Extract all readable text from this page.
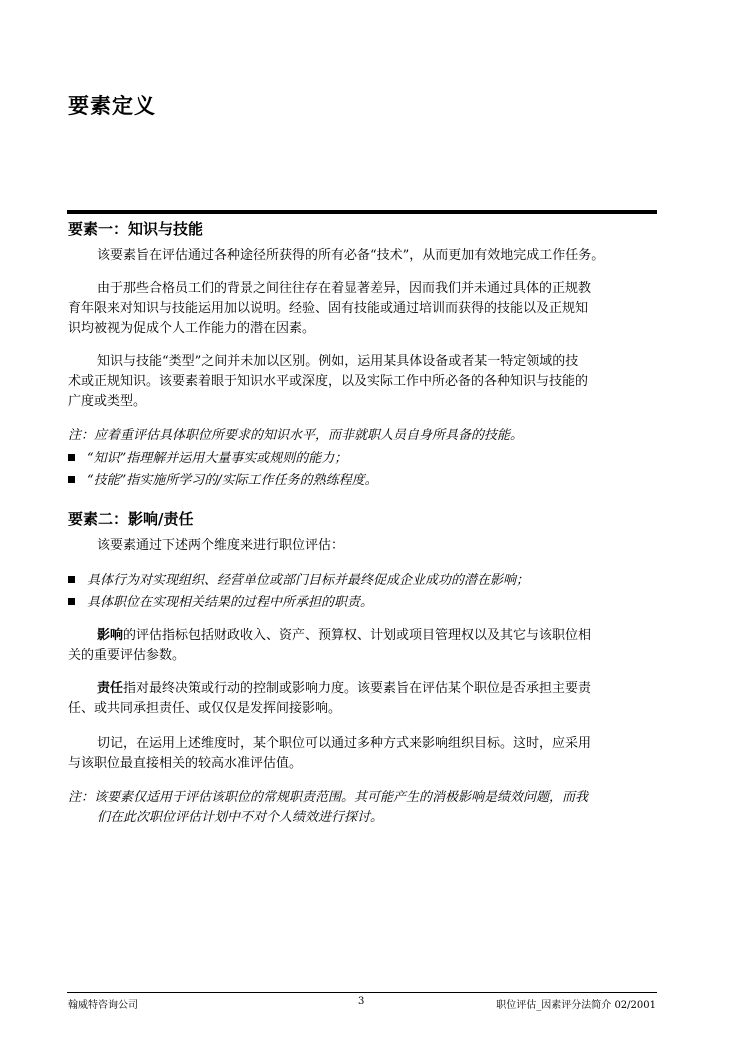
要素定义
要素一：知识与技能
该要素旨在评估通过各种途径所获得的所有必备“技术”，从而更加有效地完成工作任务。
由于那些合格员工们的背景之间往往存在着显著差异，因而我们并未通过具体的正规教
育年限来对知识与技能运用加以说明。经验、固有技能或通过培训而获得的技能以及正规知
识均被视为促成个人工作能力的潜在因素。
知识与技能“类型”之间并未加以区别。例如，运用某具体设备或者某一特定领域的技
术或正规知识。该要素着眼于知识水平或深度，以及实际工作中所必备的各种知识与技能的
广度或类型。
注：应着重评估具体职位所要求的知识水平，而非就职人员自身所具备的技能。
“知识”指理解并运用大量事实或规则的能力；
“技能”指实施所学习的/实际工作任务的熟练程度。
要素二：影响/责任
该要素通过下述两个维度来进行职位评估：
具体行为对实现组织、经营单位或部门目标并最终促成企业成功的潜在影响；
具体职位在实现相关结果的过程中所承担的职责。
影响的评估指标包括财政收入、资产、预算权、计划或项目管理权以及其它与该职位相
关的重要评估参数。
责任指对最终决策或行动的控制或影响力度。该要素旨在评估某个职位是否承担主要责
任、或共同承担责任、或仅仅是发挥间接影响。
切记，在运用上述维度时，某个职位可以通过多种方式来影响组织目标。这时，应采用
与该职位最直接相关的较高水准评估值。
注：该要素仅适用于评估该职位的常规职责范围。其可能产生的消极影响是绩效问题，而我
们在此次职位评估计划中不对个人绩效进行探讨。
翰威特咨询公司	3	职位评估_因素评分法简介 02/2001
